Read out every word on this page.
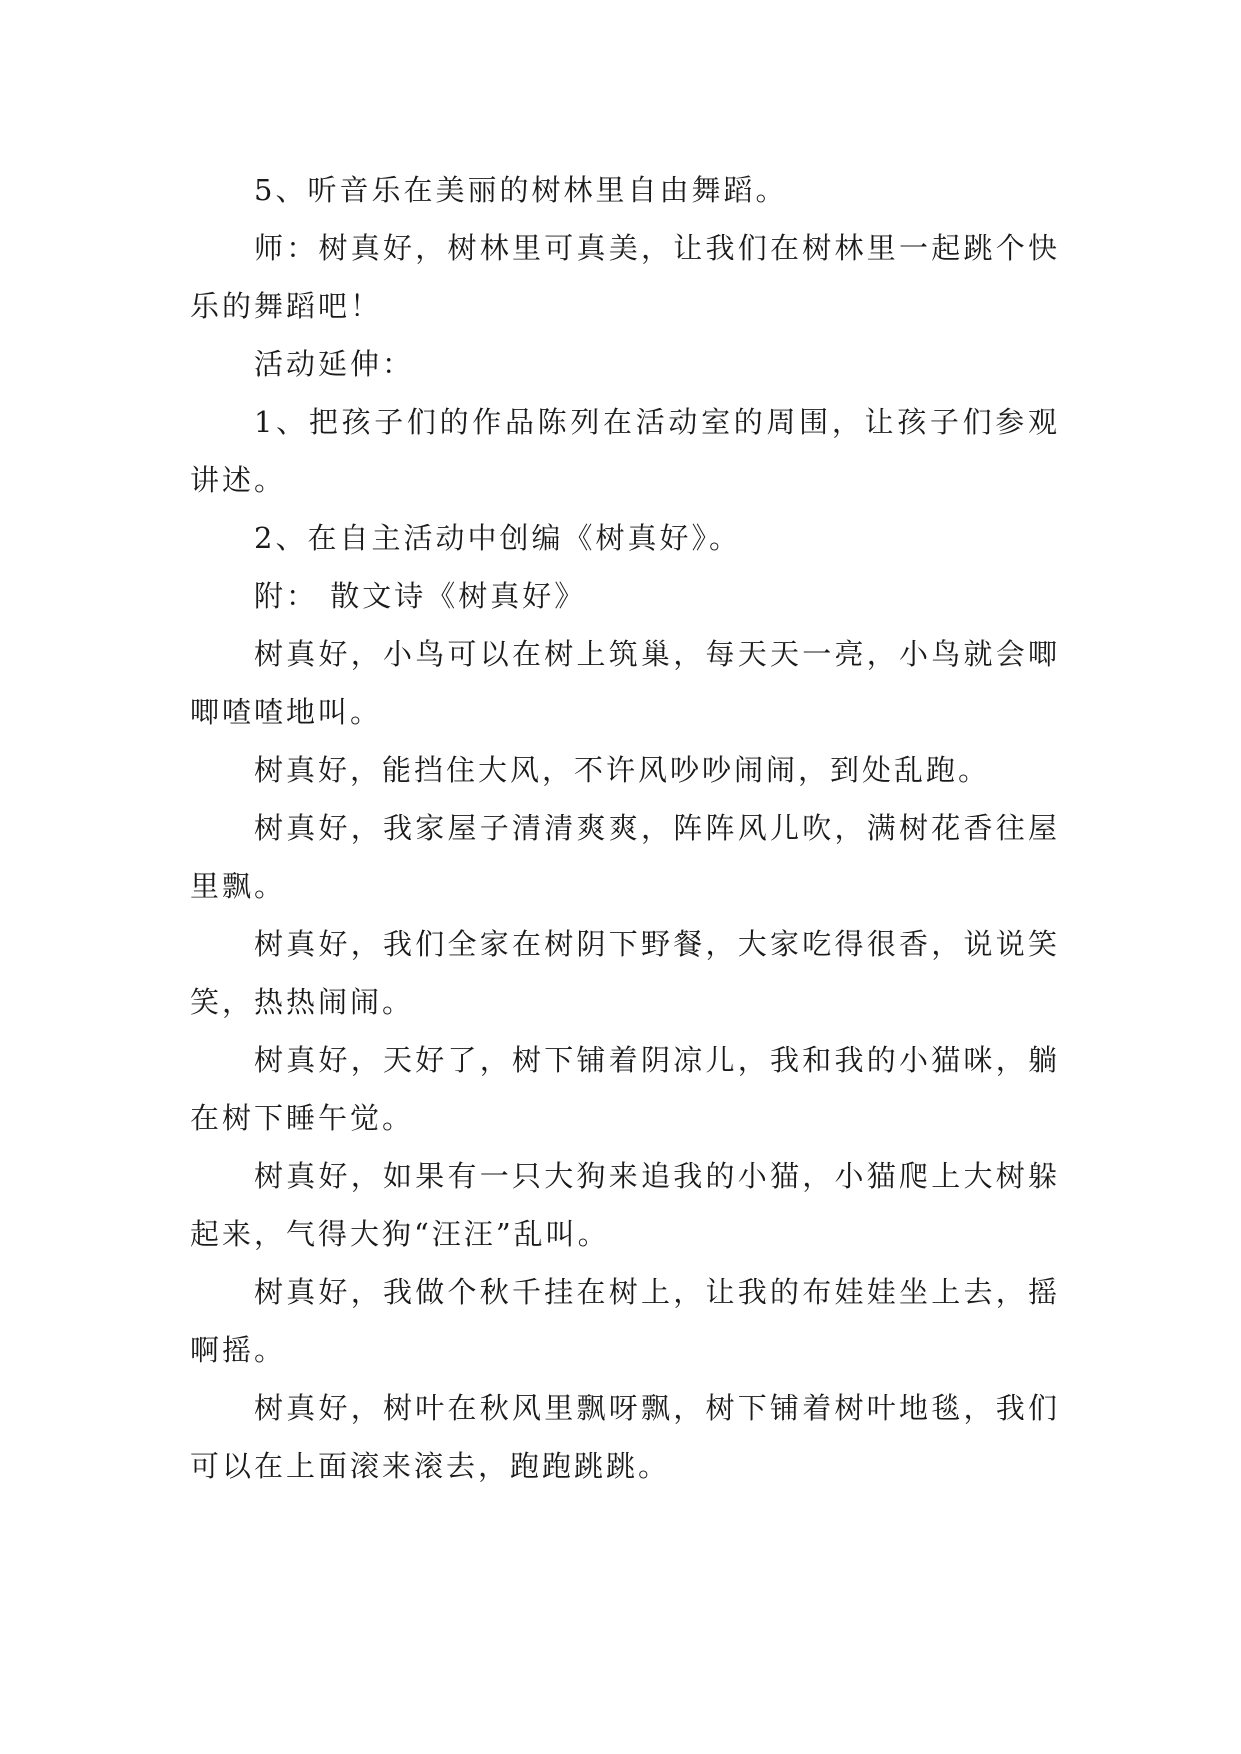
5、听音乐在美丽的树林里自由舞蹈。

师：树真好，树林里可真美，让我们在树林里一起跳个快乐的舞蹈吧！

活动延伸：

1、把孩子们的作品陈列在活动室的周围，让孩子们参观讲述。

2、在自主活动中创编《树真好》。

附： 散文诗《树真好》

树真好，小鸟可以在树上筑巢，每天天一亮，小鸟就会唧唧喳喳地叫。

树真好，能挡住大风，不许风吵吵闹闹，到处乱跑。

树真好，我家屋子清清爽爽，阵阵风儿吹，满树花香往屋里飘。

树真好，我们全家在树阴下野餐，大家吃得很香，说说笑笑，热热闹闹。

树真好，天好了，树下铺着阴凉儿，我和我的小猫咪，躺在树下睡午觉。

树真好，如果有一只大狗来追我的小猫，小猫爬上大树躲起来，气得大狗“汪汪”乱叫。

树真好，我做个秋千挂在树上，让我的布娃娃坐上去，摇啊摇。

树真好，树叶在秋风里飘呀飘，树下铺着树叶地毯，我们可以在上面滚来滚去，跑跑跳跳。
